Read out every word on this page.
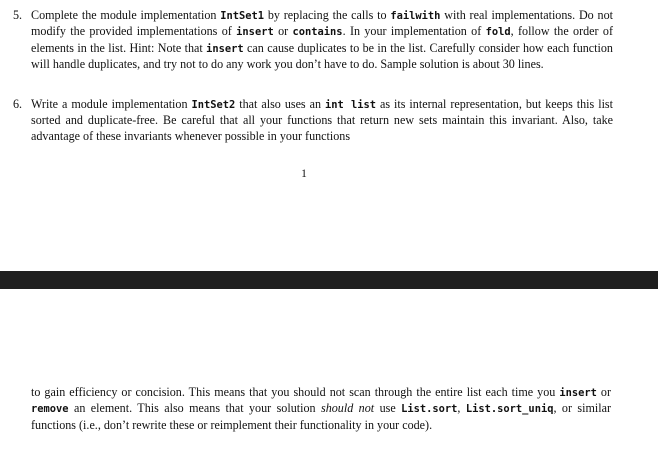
5. Complete the module implementation IntSet1 by replacing the calls to failwith with real implementations. Do not modify the provided implementations of insert or contains. In your implementation of fold, follow the order of elements in the list. Hint: Note that insert can cause duplicates to be in the list. Carefully consider how each function will handle duplicates, and try not to do any work you don’t have to do. Sample solution is about 30 lines.
6. Write a module implementation IntSet2 that also uses an int list as its internal representation, but keeps this list sorted and duplicate-free. Be careful that all your functions that return new sets maintain this invariant. Also, take advantage of these invariants whenever possible in your functions
1
to gain efficiency or concision. This means that you should not scan through the entire list each time you insert or remove an element. This also means that your solution should not use List.sort, List.sort_uniq, or similar functions (i.e., don’t rewrite these or reimplement their functionality in your code).
